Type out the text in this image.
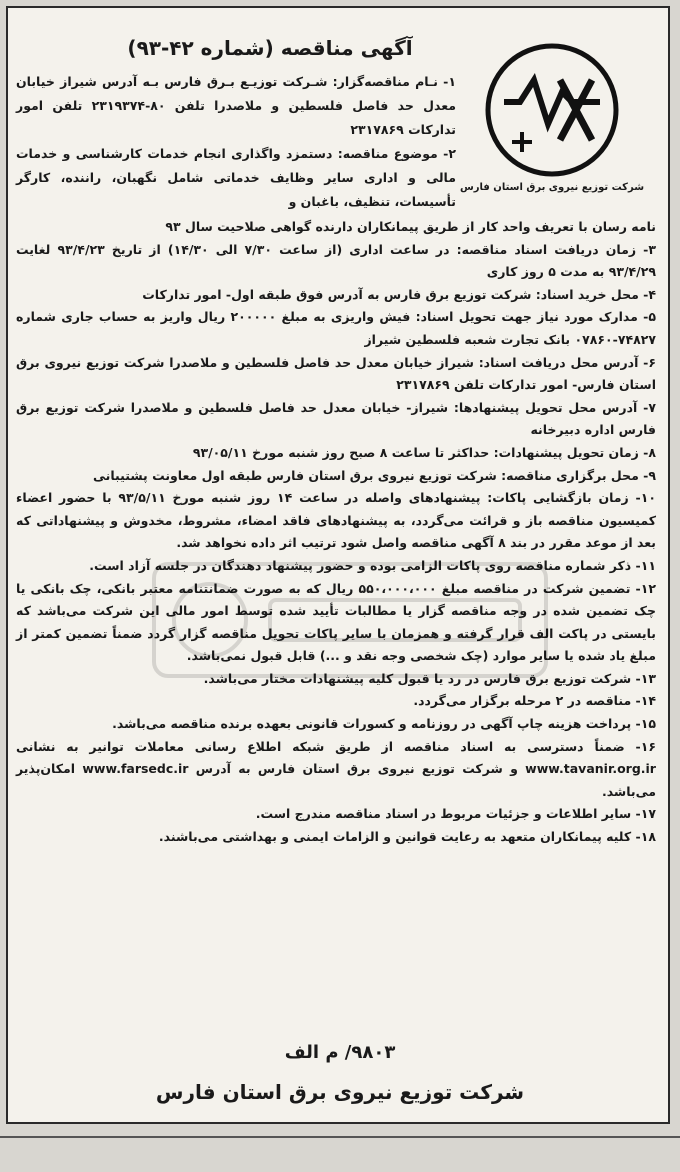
شرکت توزیع نیروی برق استان فارس
آگهی مناقصه (شماره ۴۲-۹۳)
۱- نـام مناقصه‌گزار: شـرکت توزیـع بـرق فارس بـه آدرس شیراز خیابان معدل حد فاصل فلسطین و ملاصدرا تلفن ۸۰-۲۳۱۹۳۷۴ تلفن امور تدارکات ۲۳۱۷۸۶۹
۲- موضوع مناقصه: دستمزد واگذاری انجام خدمات کارشناسی و خدمات مالی و اداری سایر وظایف خدماتی شامل نگهبان، راننده، کارگر تأسیسات، تنظیف، باغبان و

نامه رسان با تعریف واحد کار از طریق پیمانکاران دارنده گواهی صلاحیت سال ۹۳

۳- زمان دریافت اسناد مناقصه: در ساعت اداری (از ساعت ۷/۳۰ الی ۱۴/۳۰) از تاریخ ۹۳/۴/۲۳ لغایت ۹۳/۴/۲۹ به مدت ۵ روز کاری

۴- محل خرید اسناد: شرکت توزیع برق فارس به آدرس فوق طبقه اول- امور تدارکات

۵- مدارک مورد نیاز جهت تحویل اسناد: فیش واریزی به مبلغ ۲۰۰۰۰۰ ریال واریز به حساب جاری شماره ۷۴۸۲۷-۰۷۸۶۰ بانک تجارت شعبه فلسطین شیراز

۶- آدرس محل دریافت اسناد: شیراز خیابان معدل حد فاصل فلسطین و ملاصدرا شرکت توزیع نیروی برق استان فارس- امور تدارکات تلفن ۲۳۱۷۸۶۹

۷- آدرس محل تحویل پیشنهادها: شیراز- خیابان معدل حد فاصل فلسطین و ملاصدرا شرکت توزیع برق فارس اداره دبیرخانه

۸- زمان تحویل پیشنهادات: حداکثر تا ساعت ۸ صبح روز شنبه مورخ ۹۳/۰۵/۱۱

۹- محل برگزاری مناقصه: شرکت توزیع نیروی برق استان فارس طبقه اول معاونت پشتیبانی

۱۰- زمان بازگشایی پاکات: پیشنهادهای واصله در ساعت ۱۴ روز شنبه مورخ ۹۳/۵/۱۱ با حضور اعضاء کمیسیون مناقصه باز و قرائت می‌گردد، به پیشنهادهای فاقد امضاء، مشروط، مخدوش و پیشنهاداتی که بعد از موعد مقرر در بند ۸ آگهی مناقصه واصل شود ترتیب اثر داده نخواهد شد.

۱۱- ذکر شماره مناقصه روی پاکات الزامی بوده و حضور پیشنهاد دهندگان در جلسه آزاد است.

۱۲- تضمین شرکت در مناقصه مبلغ ۵۵۰،۰۰۰،۰۰۰ ریال که به صورت ضمانتنامه معتبر بانکی، چک بانکی یا چک تضمین شده در وجه مناقصه گزار یا مطالبات تأیید شده توسط امور مالی این شرکت می‌باشد که بایستی در پاکت الف قرار گرفته و همزمان با سایر پاکات تحویل مناقصه گزار گردد ضمناً تضمین کمتر از مبلغ یاد شده یا سایر موارد (چک شخصی وجه نقد و ...) قابل قبول نمی‌باشد.

۱۳- شرکت توزیع برق فارس در رد یا قبول کلیه پیشنهادات مختار می‌باشد.

۱۴- مناقصه در ۲ مرحله برگزار می‌گردد.

۱۵- پرداخت هزینه چاپ آگهی در روزنامه و کسورات قانونی بعهده برنده مناقصه می‌باشد.

۱۶- ضمناً دسترسی به اسناد مناقصه از طریق شبکه اطلاع رسانی معاملات توانیر به نشانی www.tavanir.org.ir و شرکت توزیع نیروی برق استان فارس به آدرس www.farsedc.ir امکان‌پذیر می‌باشد.

۱۷- سایر اطلاعات و جزئیات مربوط در اسناد مناقصه مندرج است.

۱۸- کلیه پیمانکاران متعهد به رعایت قوانین و الزامات ایمنی و بهداشتی می‌باشند.

۹۸۰۳/ م الف
شرکت توزیع نیروی برق استان فارس
